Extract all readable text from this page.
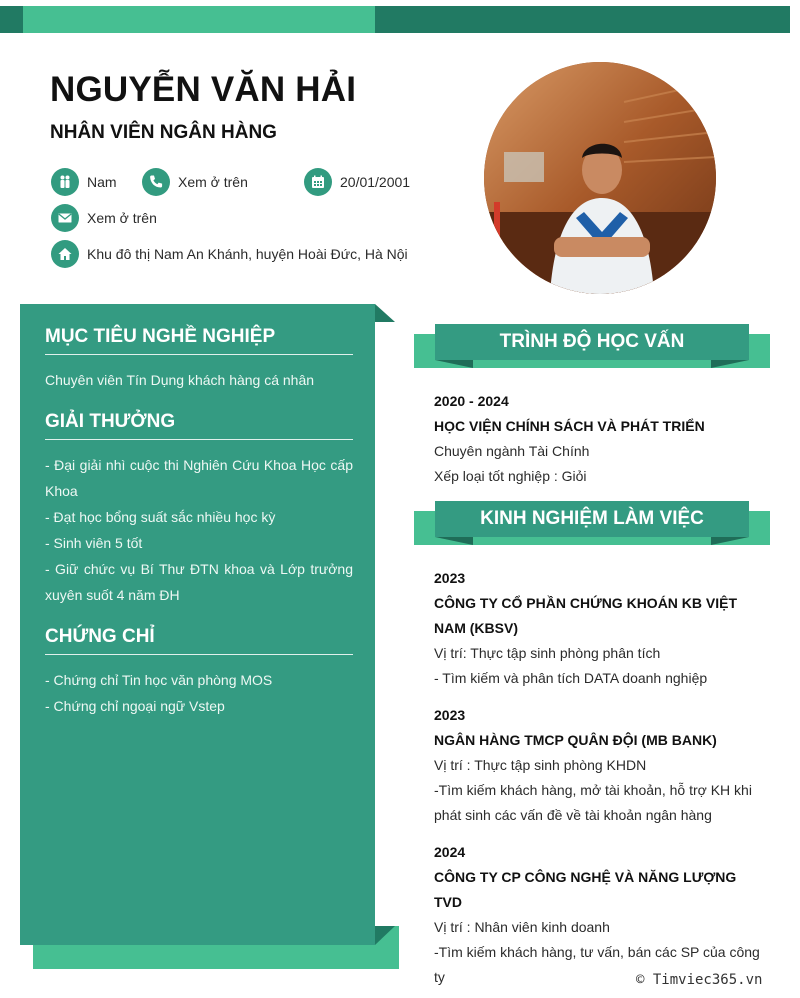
NGUYỄN VĂN HẢI
NHÂN VIÊN NGÂN HÀNG
Nam	Xem ở trên	20/01/2001
Xem ở trên
Khu đô thị Nam An Khánh, huyện Hoài Đức, Hà Nội
MỤC TIÊU NGHỀ NGHIỆP
Chuyên viên Tín Dụng khách hàng cá nhân
GIẢI THƯỞNG
- Đại giải nhì cuộc thi Nghiên Cứu Khoa Học cấp Khoa
- Đạt học bổng suất sắc nhiều học kỳ
- Sinh viên 5 tốt
- Giữ chức vụ Bí Thư ĐTN khoa và Lớp trưởng xuyên suốt 4 năm ĐH
CHỨNG CHỈ
- Chứng chỉ Tin học văn phòng MOS
- Chứng chỉ ngoại ngữ Vstep
TRÌNH ĐỘ HỌC VẤN
2020 - 2024
HỌC VIỆN CHÍNH SÁCH VÀ PHÁT TRIỂN
Chuyên ngành Tài Chính
Xếp loại tốt nghiệp : Giỏi
KINH NGHIỆM LÀM VIỆC
2023
CÔNG TY CỔ PHẦN CHỨNG KHOÁN KB VIỆT NAM (KBSV)
Vị trí: Thực tập sinh phòng phân tích
- Tìm kiếm và phân tích DATA doanh nghiệp
2023
NGÂN HÀNG TMCP QUÂN ĐỘI (MB BANK)
Vị trí : Thực tập sinh phòng KHDN
-Tìm kiếm khách hàng, mở tài khoản, hỗ trợ KH khi phát sinh các vấn đề về tài khoản ngân hàng
2024
CÔNG TY CP CÔNG NGHỆ VÀ NĂNG LƯỢNG TVD
Vị trí : Nhân viên kinh doanh
-Tìm kiếm khách hàng, tư vấn, bán các SP của công ty	© Timviec365.vn
